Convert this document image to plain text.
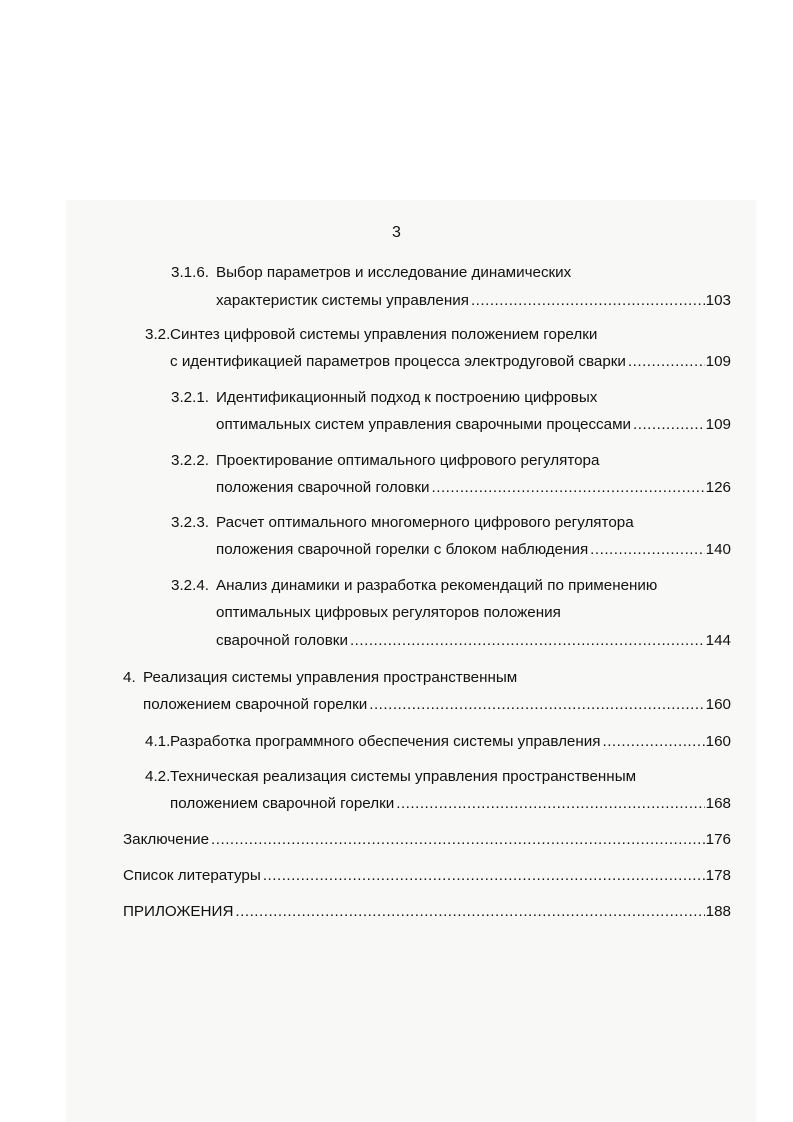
3
3.1.6. Выбор параметров и исследование динамических
характеристик системы управления .....	103
3.2. Синтез цифровой системы управления положением горелки
с идентификацией параметров процесса электродуговой сварки .....	109
3.2.1. Идентификационный подход к построению цифровых
оптимальных систем управления сварочными процессами .....	109
3.2.2. Проектирование оптимального цифрового регулятора
положения сварочной головки .....	126
3.2.3. Расчет оптимального многомерного цифрового регулятора
положения сварочной горелки с блоком наблюдения .....	140
3.2.4. Анализ динамики и разработка рекомендаций по применению
оптимальных цифровых регуляторов положения
сварочной головки .....	144
4. Реализация системы управления пространственным
положением сварочной горелки .....	160
4.1. Разработка программного обеспечения системы управления .....	160
4.2. Техническая реализация системы управления пространственным
положением сварочной горелки .....	168
Заключение .....	176
Список литературы .....	178
ПРИЛОЖЕНИЯ .....	188
